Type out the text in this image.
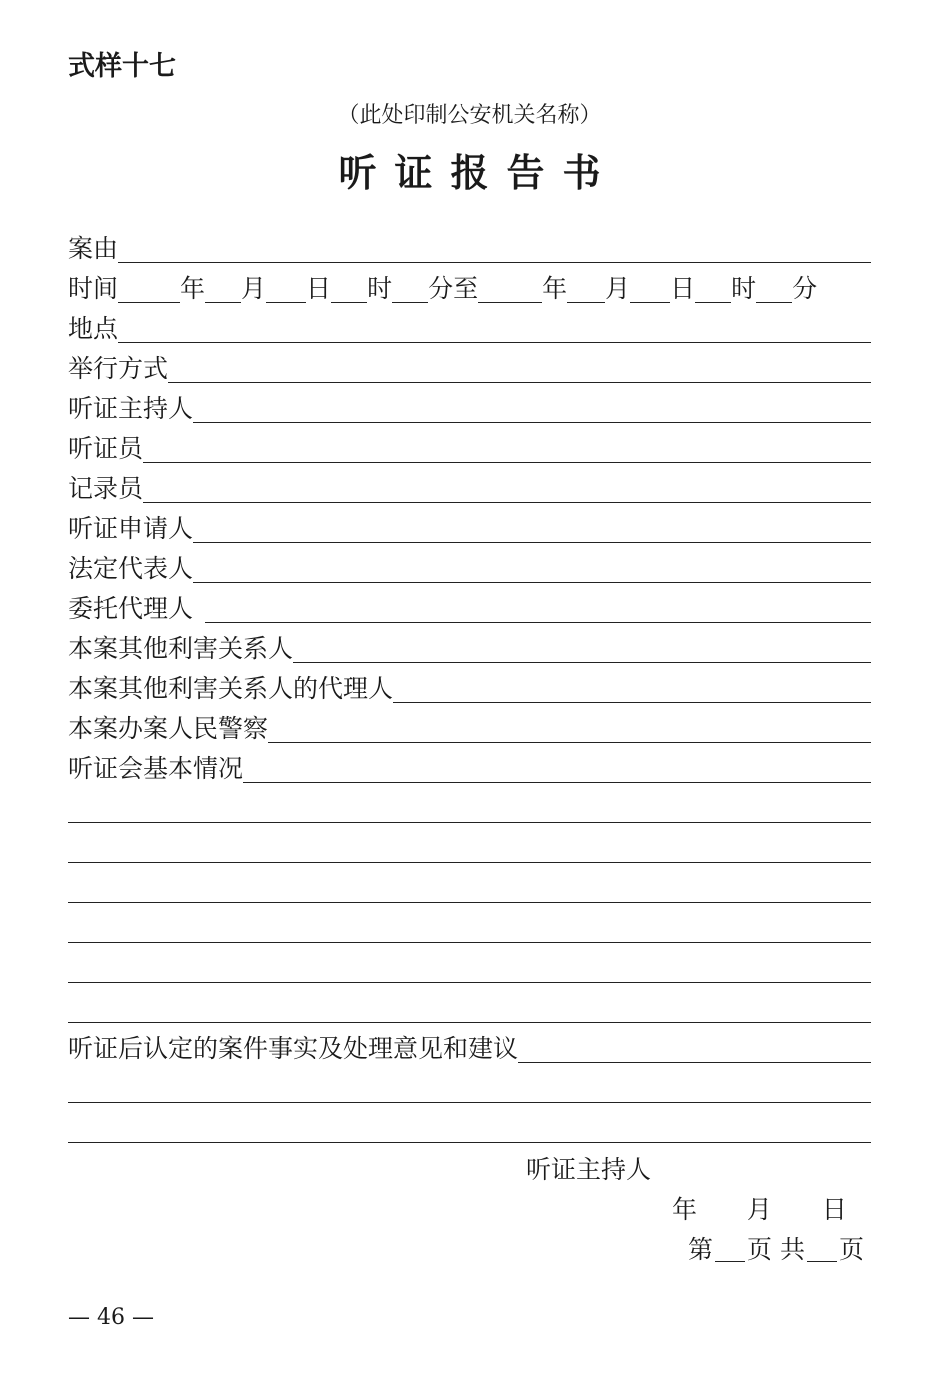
式样十七
（此处印制公安机关名称）
听证报告书
案由
时间 年 月 日 时 分至	年 月 日 时 分
地点
举行方式
听证主持人
听证员
记录员
听证申请人
法定代表人
委托代理人
本案其他利害关系人
本案其他利害关系人的代理人
本案办案人民警察
听证会基本情况
听证后认定的案件事实及处理意见和建议
听证主持人
年 月 日
第 页 共 页
— 46 —
